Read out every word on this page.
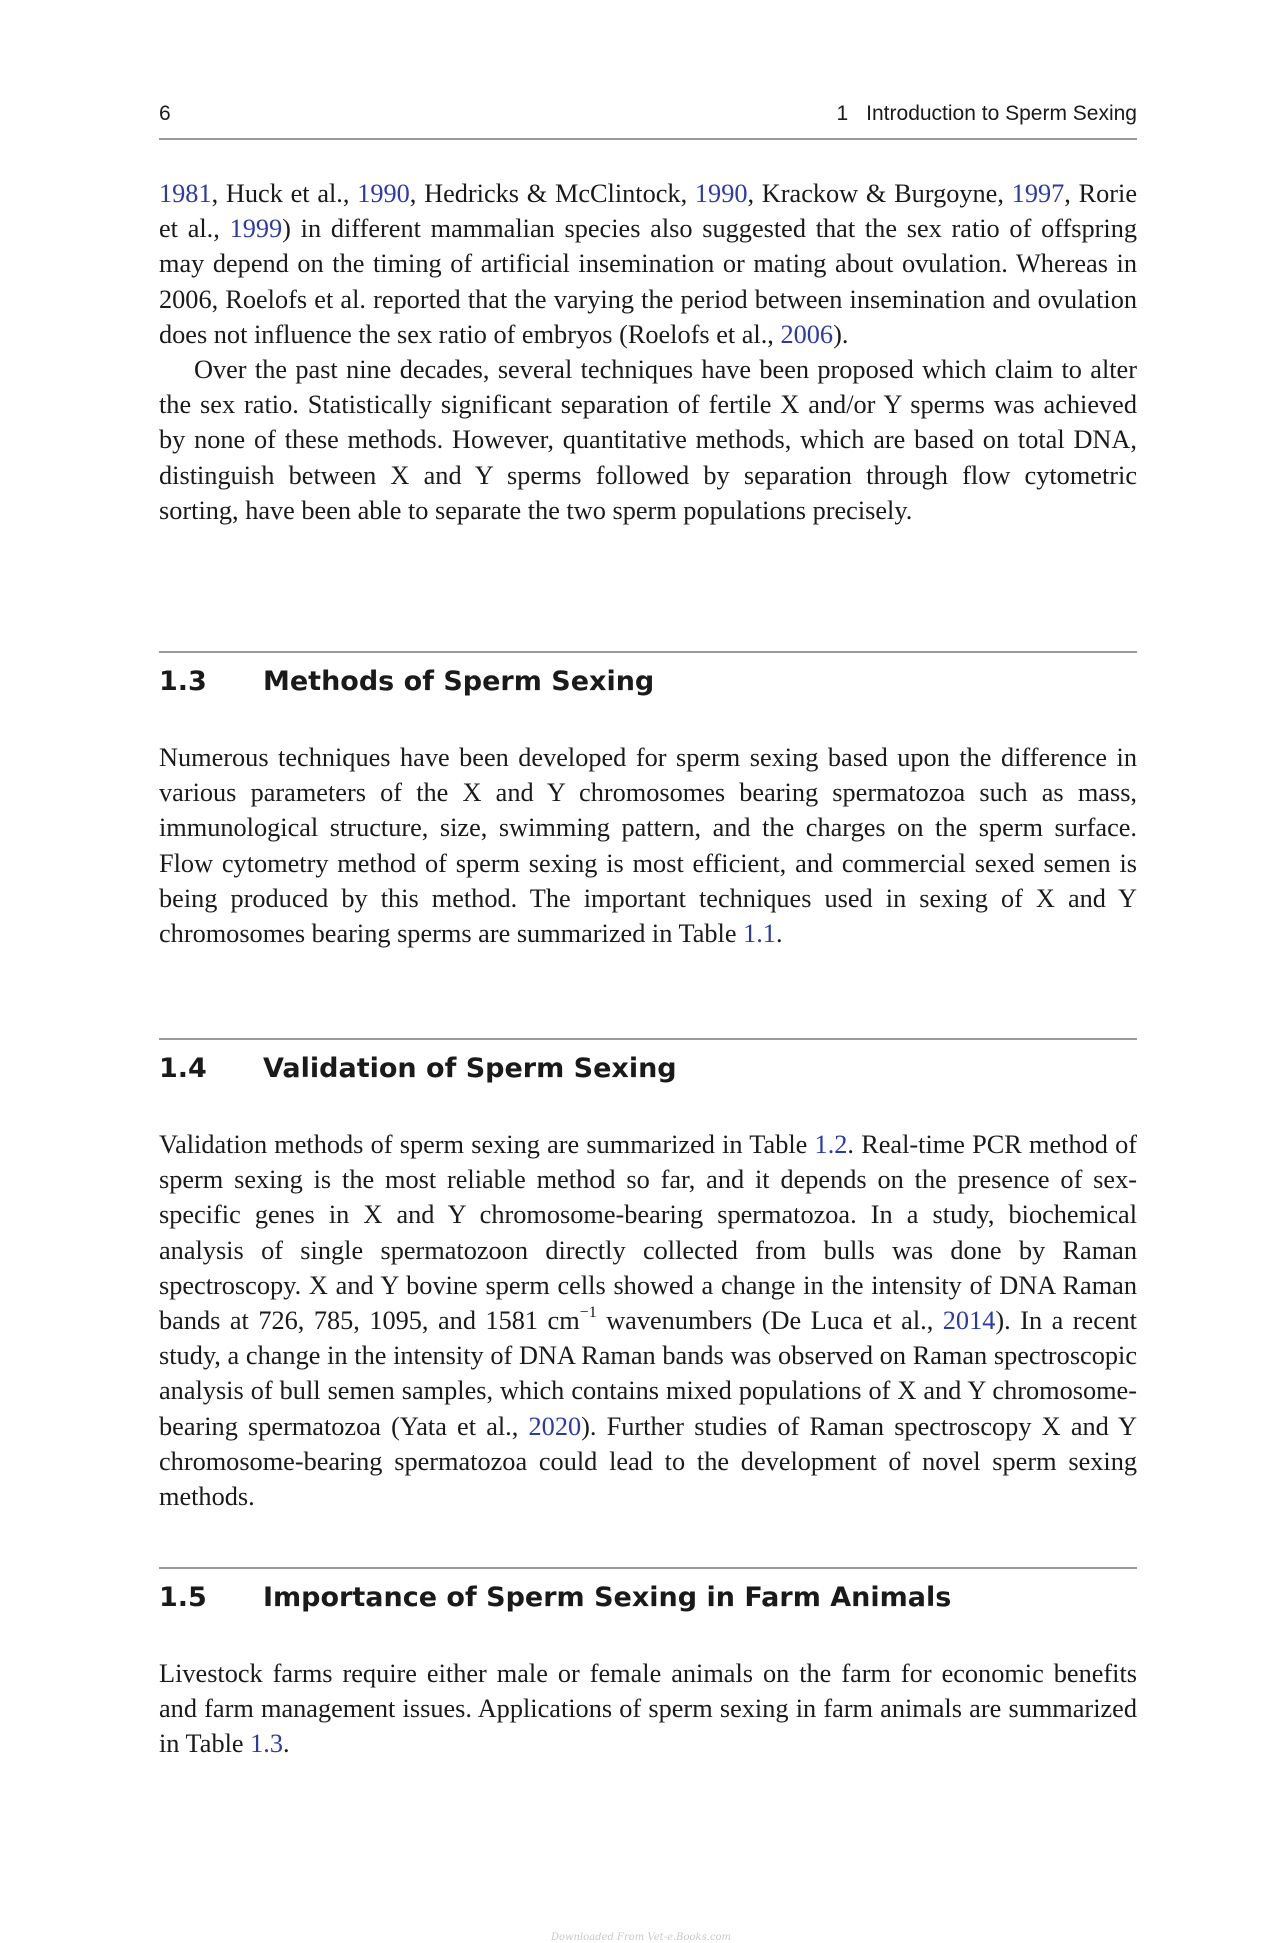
6	1 Introduction to Sperm Sexing

1981, Huck et al., 1990, Hedricks & McClintock, 1990, Krackow & Burgoyne, 1997, Rorie et al., 1999) in different mammalian species also suggested that the sex ratio of offspring may depend on the timing of artificial insemination or mating about ovulation. Whereas in 2006, Roelofs et al. reported that the varying the period between insemination and ovulation does not influence the sex ratio of embryos (Roelofs et al., 2006).

Over the past nine decades, several techniques have been proposed which claim to alter the sex ratio. Statistically significant separation of fertile X and/or Y sperms was achieved by none of these methods. However, quantitative methods, which are based on total DNA, distinguish between X and Y sperms followed by separation through flow cytometric sorting, have been able to separate the two sperm populations precisely.

1.3 Methods of Sperm Sexing

Numerous techniques have been developed for sperm sexing based upon the difference in various parameters of the X and Y chromosomes bearing spermatozoa such as mass, immunological structure, size, swimming pattern, and the charges on the sperm surface. Flow cytometry method of sperm sexing is most efficient, and commercial sexed semen is being produced by this method. The important techniques used in sexing of X and Y chromosomes bearing sperms are summarized in Table 1.1.

1.4 Validation of Sperm Sexing

Validation methods of sperm sexing are summarized in Table 1.2. Real-time PCR method of sperm sexing is the most reliable method so far, and it depends on the presence of sex-specific genes in X and Y chromosome-bearing spermatozoa. In a study, biochemical analysis of single spermatozoon directly collected from bulls was done by Raman spectroscopy. X and Y bovine sperm cells showed a change in the intensity of DNA Raman bands at 726, 785, 1095, and 1581 $cm^{-1}$ wavenumbers (De Luca et al., 2014). In a recent study, a change in the intensity of DNA Raman bands was observed on Raman spectroscopic analysis of bull semen samples, which contains mixed populations of X and Y chromosome-bearing spermatozoa (Yata et al., 2020). Further studies of Raman spectroscopy X and Y chromosome-bearing spermatozoa could lead to the development of novel sperm sexing methods.

1.5 Importance of Sperm Sexing in Farm Animals

Livestock farms require either male or female animals on the farm for economic benefits and farm management issues. Applications of sperm sexing in farm animals are summarized in Table 1.3.

Downloaded From Vet-e.Books.com
